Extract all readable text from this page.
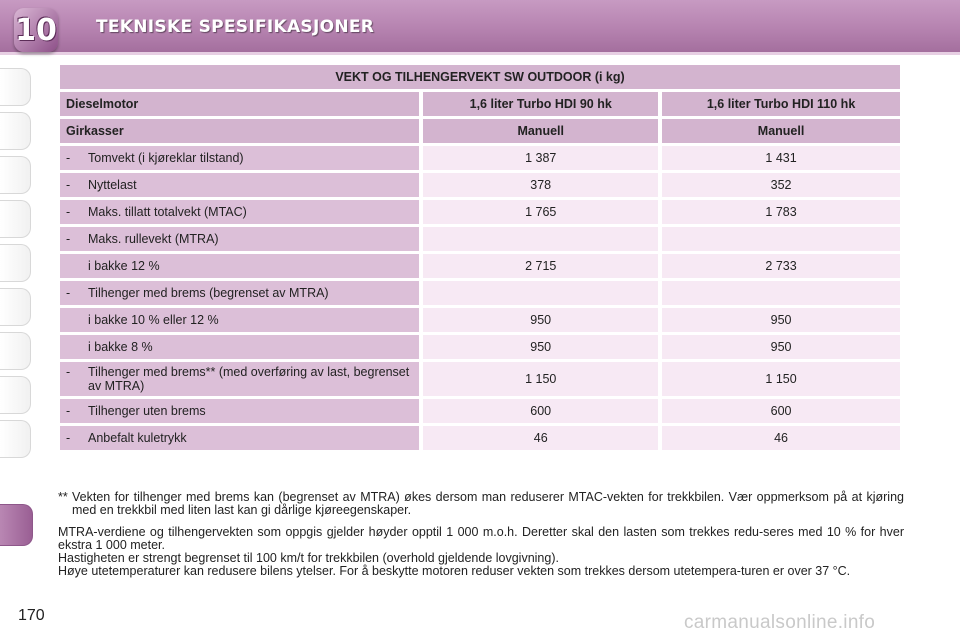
10 TEKNISKE SPESIFIKASJONER
VEKT OG TILHENGERVEKT SW OUTDOOR (i kg)		
Dieselmotor	1,6 liter Turbo HDI 90 hk	1,6 liter Turbo HDI 110 hk
Girkasser	Manuell	Manuell

- Tomvekt (i kjøreklar tilstand)	1 387	1 431

- Nyttelast	378	352

- Maks. tillatt totalvekt (MTAC)	1 765	1 783

- Maks. rullevekt (MTRA)		

i bakke 12 %	2 715	2 733

- Tilhenger med brems (begrenset av MTRA)		

i bakke 10 % eller 12 %	950	950

i bakke 8 %	950	950

- Tilhenger med brems** (med overføring av last, begrenset av MTRA)	1 150	1 150

- Tilhenger uten brems	600	600

- Anbefalt kuletrykk	46	46
** Vekten for tilhenger med brems kan (begrenset av MTRA) økes dersom man reduserer MTAC-vekten for trekkbilen. Vær oppmerksom på at kjøring med en trekkbil med liten last kan gi dårlige kjøreegenskaper.
MTRA-verdiene og tilhengervekten som oppgis gjelder høyder opptil 1 000 m.o.h. Deretter skal den lasten som trekkes redu-seres med 10 % for hver ekstra 1 000 meter.
Hastigheten er strengt begrenset til 100 km/t for trekkbilen (overhold gjeldende lovgivning).
Høye utetemperaturer kan redusere bilens ytelser. For å beskytte motoren reduser vekten som trekkes dersom utetempera-turen er over 37 °C.
170	carmanualsonline.info
